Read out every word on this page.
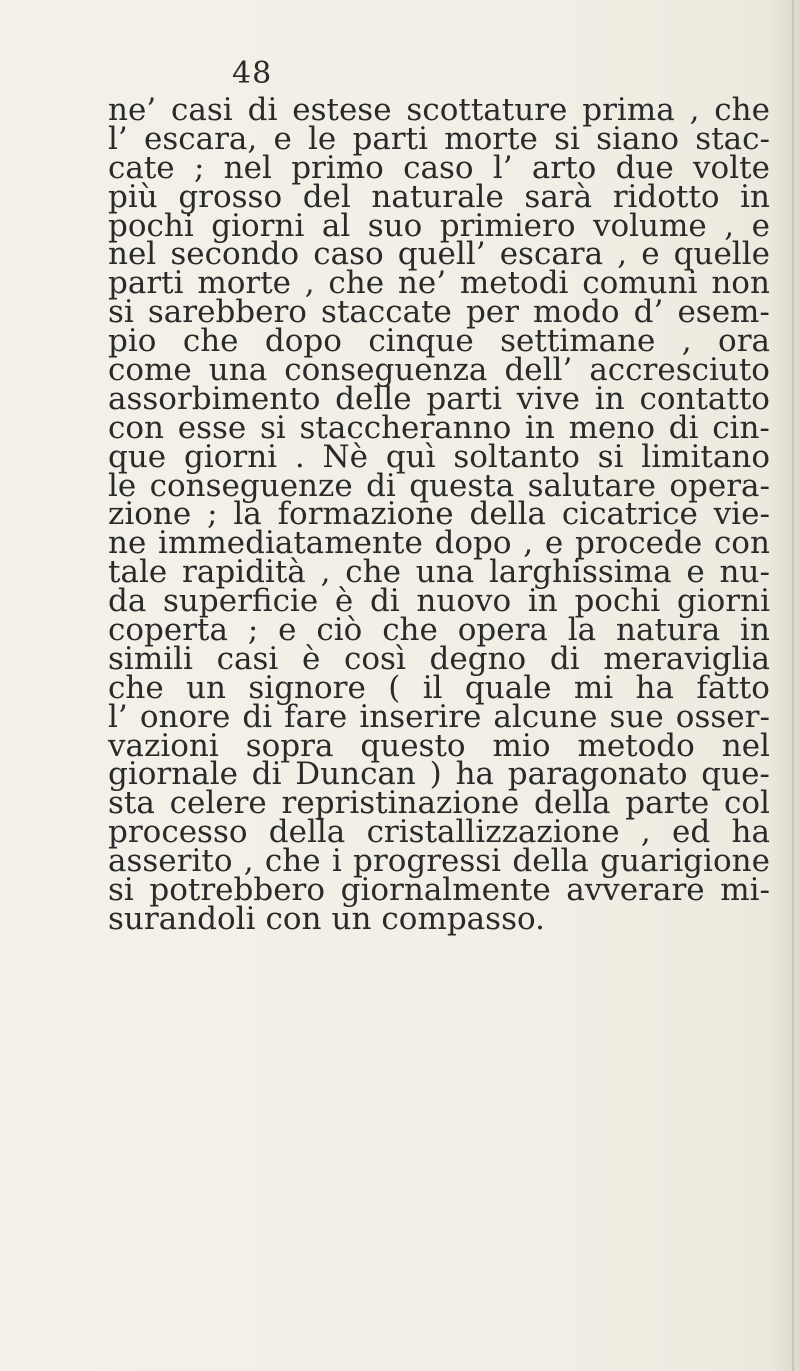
48
ne’ casi di estese scottature prima , che
l’ escara, e le parti morte si siano stac-
cate ; nel primo caso l’ arto due volte
più grosso del naturale sarà ridotto in
pochi giorni al suo primiero volume , e
nel secondo caso quell’ escara , e quelle
parti morte , che ne’ metodi comuni non
si sarebbero staccate per modo d’ esem-
pio che dopo cinque settimane , ora
come una conseguenza dell’ accresciuto
assorbimento delle parti vive in contatto
con esse si staccheranno in meno di cin-
que giorni . Nè quì soltanto si limitano
le conseguenze di questa salutare opera-
zione ; la formazione della cicatrice vie-
ne immediatamente dopo , e procede con
tale rapidità , che una larghissima e nu-
da superficie è di nuovo in pochi giorni
coperta ; e ciò che opera la natura in
simili casi è così degno di meraviglia
che un signore ( il quale mi ha fatto
l’ onore di fare inserire alcune sue osser-
vazioni sopra questo mio metodo nel
giornale di Duncan ) ha paragonato que-
sta celere repristinazione della parte col
processo della cristallizzazione , ed ha
asserito , che i progressi della guarigione
si potrebbero giornalmente avverare mi-
surandoli con un compasso.
